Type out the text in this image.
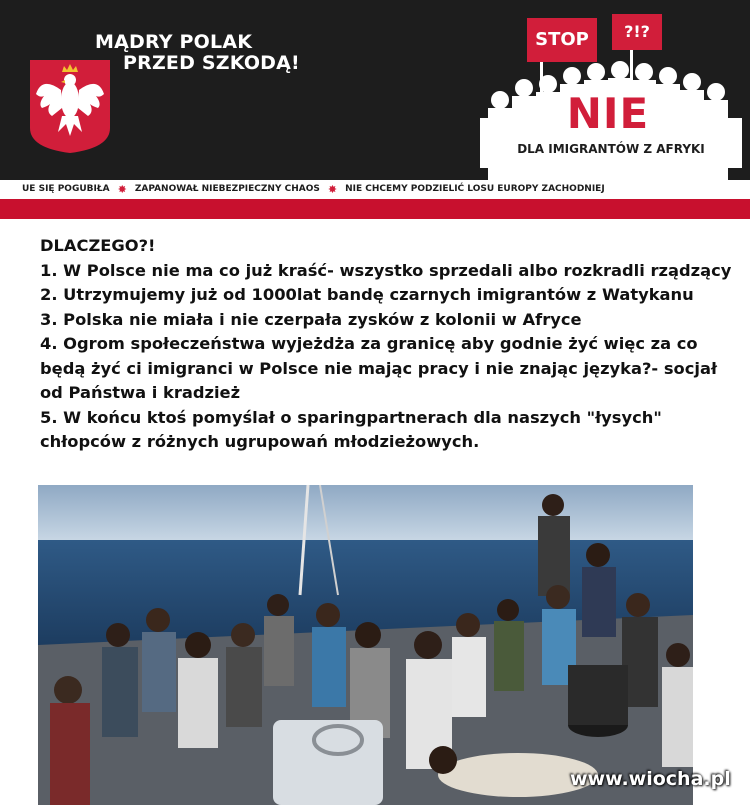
MĄDRY POLAK
PRZED SZKODĄ!
STOP	?!?
NIE
DLA IMIGRANTÓW Z AFRYKI
UE SIĘ POGUBIŁA ✸ ZAPANOWAŁ NIEBEZPIECZNY CHAOS ✸ NIE CHCEMY PODZIELIĆ LOSU EUROPY ZACHODNIEJ

DLACZEGO?!

1. W Polsce nie ma co już kraść- wszystko sprzedali albo rozkradli rządzący

2. Utrzymujemy już od 1000lat bandę czarnych imigrantów z Watykanu

3. Polska nie miała i nie czerpała zysków z kolonii w Afryce

4. Ogrom społeczeństwa wyjeżdża za granicę aby godnie żyć więc za co będą żyć ci imigranci w Polsce nie mając pracy i nie znając języka?- socjał od Państwa i kradzież

5. W końcu ktoś pomyślał o sparingpartnerach dla naszych "łysych" chłopców z różnych ugrupowań młodzieżowych.

www.wiocha.pl
